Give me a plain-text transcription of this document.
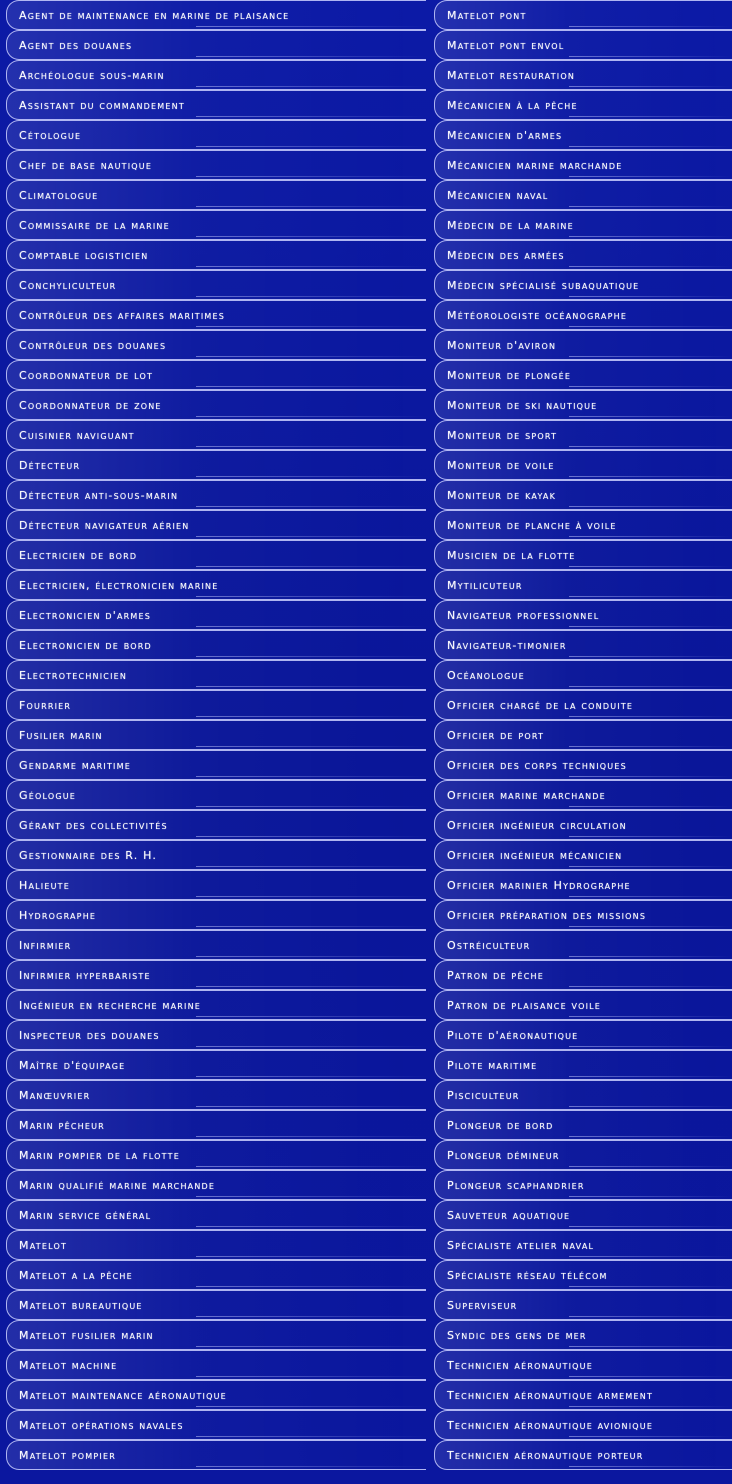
Agent de maintenance en marine de plaisance
Agent des douanes
Archéologue sous-marin
Assistant du commandement
Cétologue
Chef de base nautique
Climatologue
Commissaire de la marine
Comptable logisticien
Conchyliculteur
Contrôleur des affaires maritimes
Contrôleur des douanes
Coordonnateur de lot
Coordonnateur de zone
Cuisinier naviguant
Détecteur
Détecteur anti-sous-marin
Détecteur navigateur aérien
Electricien de bord
Electricien, électronicien marine
Electronicien d'armes
Electronicien de bord
Electrotechnicien
Fourrier
Fusilier marin
Gendarme maritime
Géologue
Gérant des collectivités
Gestionnaire des R. H.
Halieute
Hydrographe
Infirmier
Infirmier hyperbariste
Ingénieur en recherche marine
Inspecteur des douanes
Maître d'équipage
Manœuvrier
Marin pêcheur
Marin pompier de la flotte
Marin qualifié marine marchande
Marin service général
Matelot
Matelot a la pêche
Matelot bureautique
Matelot fusilier marin
Matelot machine
Matelot maintenance aéronautique
Matelot opérations navales
Matelot pompier
Matelot pont
Matelot pont envol
Matelot restauration
Mécanicien à la pêche
Mécanicien d'armes
Mécanicien marine marchande
Mécanicien naval
Médecin de la marine
Médecin des armées
Médecin spécialisé subaquatique
Météorologiste océanographe
Moniteur d'aviron
Moniteur de plongée
Moniteur de ski nautique
Moniteur de sport
Moniteur de voile
Moniteur de kayak
Moniteur de planche à voile
Musicien de la flotte
Mytilicuteur
Navigateur professionnel
Navigateur-timonier
Océanologue
Officier chargé de la conduite
Officier de port
Officier des corps techniques
Officier marine marchande
Officier ingénieur circulation
Officier ingénieur mécanicien
Officier marinier Hydrographe
Officier préparation des missions
Ostréiculteur
Patron de pêche
Patron de plaisance voile
Pilote d'aéronautique
Pilote maritime
Pisciculteur
Plongeur de bord
Plongeur démineur
Plongeur scaphandrier
Sauveteur aquatique
Spécialiste atelier naval
Spécialiste réseau télécom
Superviseur
Syndic des gens de mer
Technicien aéronautique
Technicien aéronautique armement
Technicien aéronautique avionique
Technicien aéronautique porteur
